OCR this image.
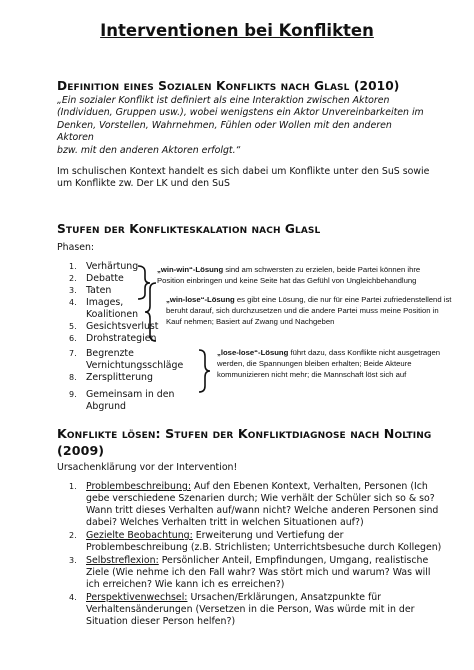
Interventionen bei Konflikten
Definition eines Sozialen Konflikts nach Glasl (2010)
„Ein sozialer Konflikt ist definiert als eine Interaktion zwischen Aktoren
(Individuen, Gruppen usw.), wobei wenigstens ein Aktor Unvereinbarkeiten im
Denken, Vorstellen, Wahrnehmen, Fühlen oder Wollen mit den anderen Aktoren
bzw. mit den anderen Aktoren erfolgt.“
Im schulischen Kontext handelt es sich dabei um Konflikte unter den SuS sowie
um Konflikte zw. Der LK und den SuS
Stufen der Konflikteskalation nach Glasl
Phasen:
1. Verhärtung
2. Debatte
3. Taten
4. Images,
Koalitionen
5. Gesichtsverlust
6. Drohstrategien
7. Begrenzte
Vernichtungsschläge
8. Zersplitterung
9. Gemeinsam in den
Abgrund
„win-win“-Lösung sind am schwersten zu erzielen, beide Partei können ihre
Position einbringen und keine Seite hat das Gefühl von Ungleichbehandlung
„win-lose“-Lösung es gibt eine Lösung, die nur für eine Partei zufriedenstellend ist
beruht darauf, sich durchzusetzen und die andere Partei muss meine Position in
Kauf nehmen; Basiert auf Zwang und Nachgeben
„lose-lose“-Lösung führt dazu, dass Konflikte nicht ausgetragen
werden, die Spannungen bleiben erhalten; Beide Akteure
kommunizieren nicht mehr; die Mannschaft löst sich auf
Konflikte lösen: Stufen der Konfliktdiagnose nach Nolting
(2009)
Ursachenklärung vor der Intervention!
1. Problembeschreibung: Auf den Ebenen Kontext, Verhalten, Personen (Ich
gebe verschiedene Szenarien durch; Wie verhält der Schüler sich so & so?
Wann tritt dieses Verhalten auf/wann nicht? Welche anderen Personen sind
dabei? Welches Verhalten tritt in welchen Situationen auf?)
2. Gezielte Beobachtung: Erweiterung und Vertiefung der
Problembeschreibung (z.B. Strichlisten; Unterrichtsbesuche durch Kollegen)
3. Selbstreflexion: Persönlicher Anteil, Empfindungen, Umgang, realistische
Ziele (Wie nehme ich den Fall wahr? Was stört mich und warum? Was will
ich erreichen? Wie kann ich es erreichen?)
4. Perspektivenwechsel: Ursachen/Erklärungen, Ansatzpunkte für
Verhaltensänderungen (Versetzen in die Person, Was würde mit in der
Situation dieser Person helfen?)
